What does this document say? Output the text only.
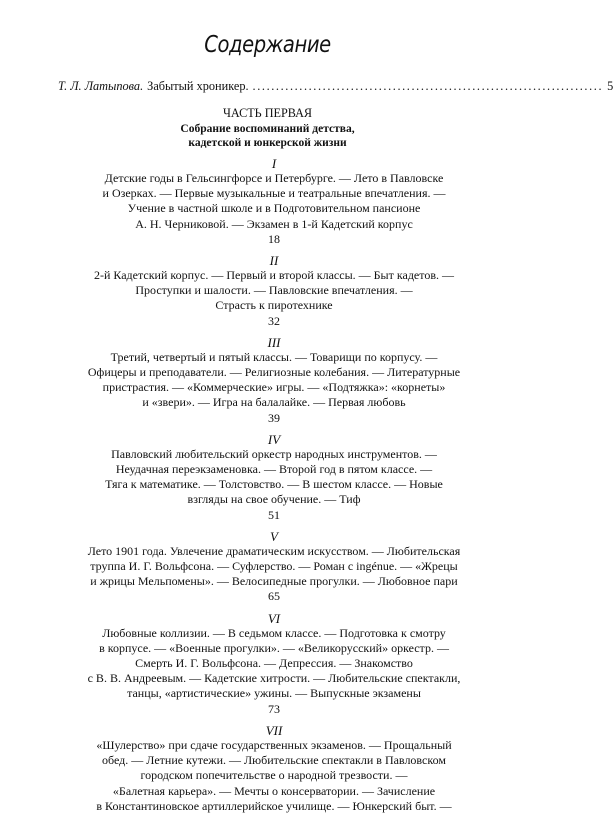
Содержание
Т. Л. Латыпова. Забытый хроникер. ........................................................................... 5
ЧАСТЬ ПЕРВАЯ
Собрание воспоминаний детства,
кадетской и юнкерской жизни
I
Детские годы в Гельсингфорсе и Петербурге. — Лето в Павловске
и Озерках. — Первые музыкальные и театральные впечатления. —
Учение в частной школе и в Подготовительном пансионе
А. Н. Черниковой. — Экзамен в 1-й Кадетский корпус
18
II
2-й Кадетский корпус. — Первый и второй классы. — Быт кадетов. —
Проступки и шалости. — Павловские впечатления. —
Страсть к пиротехнике
32
III
Третий, четвертый и пятый классы. — Товарищи по корпусу. —
Офицеры и преподаватели. — Религиозные колебания. — Литературные
пристрастия. — «Коммерческие» игры. — «Подтяжка»: «корнеты»
и «звери». — Игра на балалайке. — Первая любовь
39
IV
Павловский любительский оркестр народных инструментов. —
Неудачная переэкзаменовка. — Второй год в пятом классе. —
Тяга к математике. — Толстовство. — В шестом классе. — Новые
взгляды на свое обучение. — Тиф
51
V
Лето 1901 года. Увлечение драматическим искусством. — Любительская
труппа И. Г. Вольфсона. — Суфлерство. — Роман с ingénue. — «Жрецы
и жрицы Мельпомены». — Велосипедные прогулки. — Любовное пари
65
VI
Любовные коллизии. — В седьмом классе. — Подготовка к смотру
в корпусе. — «Военные прогулки». — «Великорусский» оркестр. —
Смерть И. Г. Вольфсона. — Депрессия. — Знакомство
с В. В. Андреевым. — Кадетские хитрости. — Любительские спектакли,
танцы, «артистические» ужины. — Выпускные экзамены
73
VII
«Шулерство» при сдаче государственных экзаменов. — Прощальный
обед. — Летние кутежи. — Любительские спектакли в Павловском
городском попечительстве о народной трезвости. —
«Балетная карьера». — Мечты о консерватории. — Зачисление
в Константиновское артиллерийское училище. — Юнкерский быт. —
